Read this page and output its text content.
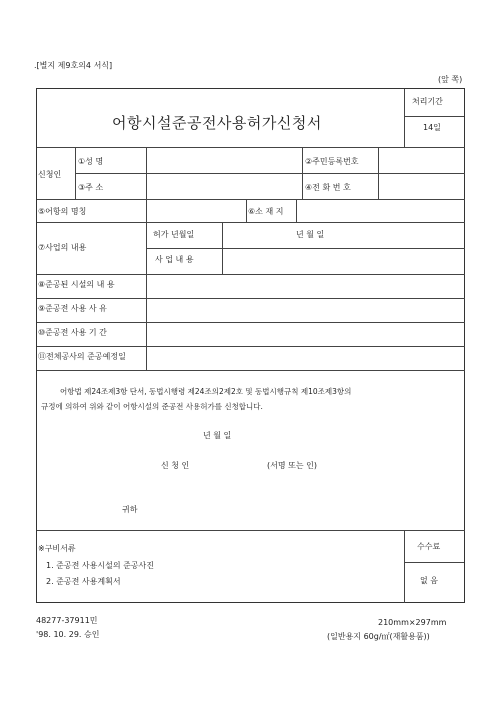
.[별지 제9호의4 서식]
(앞 쪽)
어항시설준공전사용허가신청서
처리기간
14일
신청인
①성 명	②주민등록번호
③주 소	④전 화 번 호
⑤어항의 명칭	⑥소 재 지
⑦사업의 내용
허가 년월일	년 월 일
사 업 내 용
⑧준공된 시설의 내 용
⑨준공전 사용 사 유
⑩준공전 사용 기 간
⑪전체공사의 준공예정일
어항법 제24조제3항 단서, 동법시행령 제24조의2제2호 및 동법시행규칙 제10조제3항의
규정에 의하여 위와 같이 어항시설의 준공전 사용허가를 신청합니다.
년 월 일
신 청 인	(서명 또는 인)
귀하
※구비서류
1. 준공전 사용시설의 준공사진
2. 준공전 사용계획서
수수료
없 음
48277-37911민
'98. 10. 29. 승인
210mm×297mm
(일반용지 60g/㎡(재활용품))
